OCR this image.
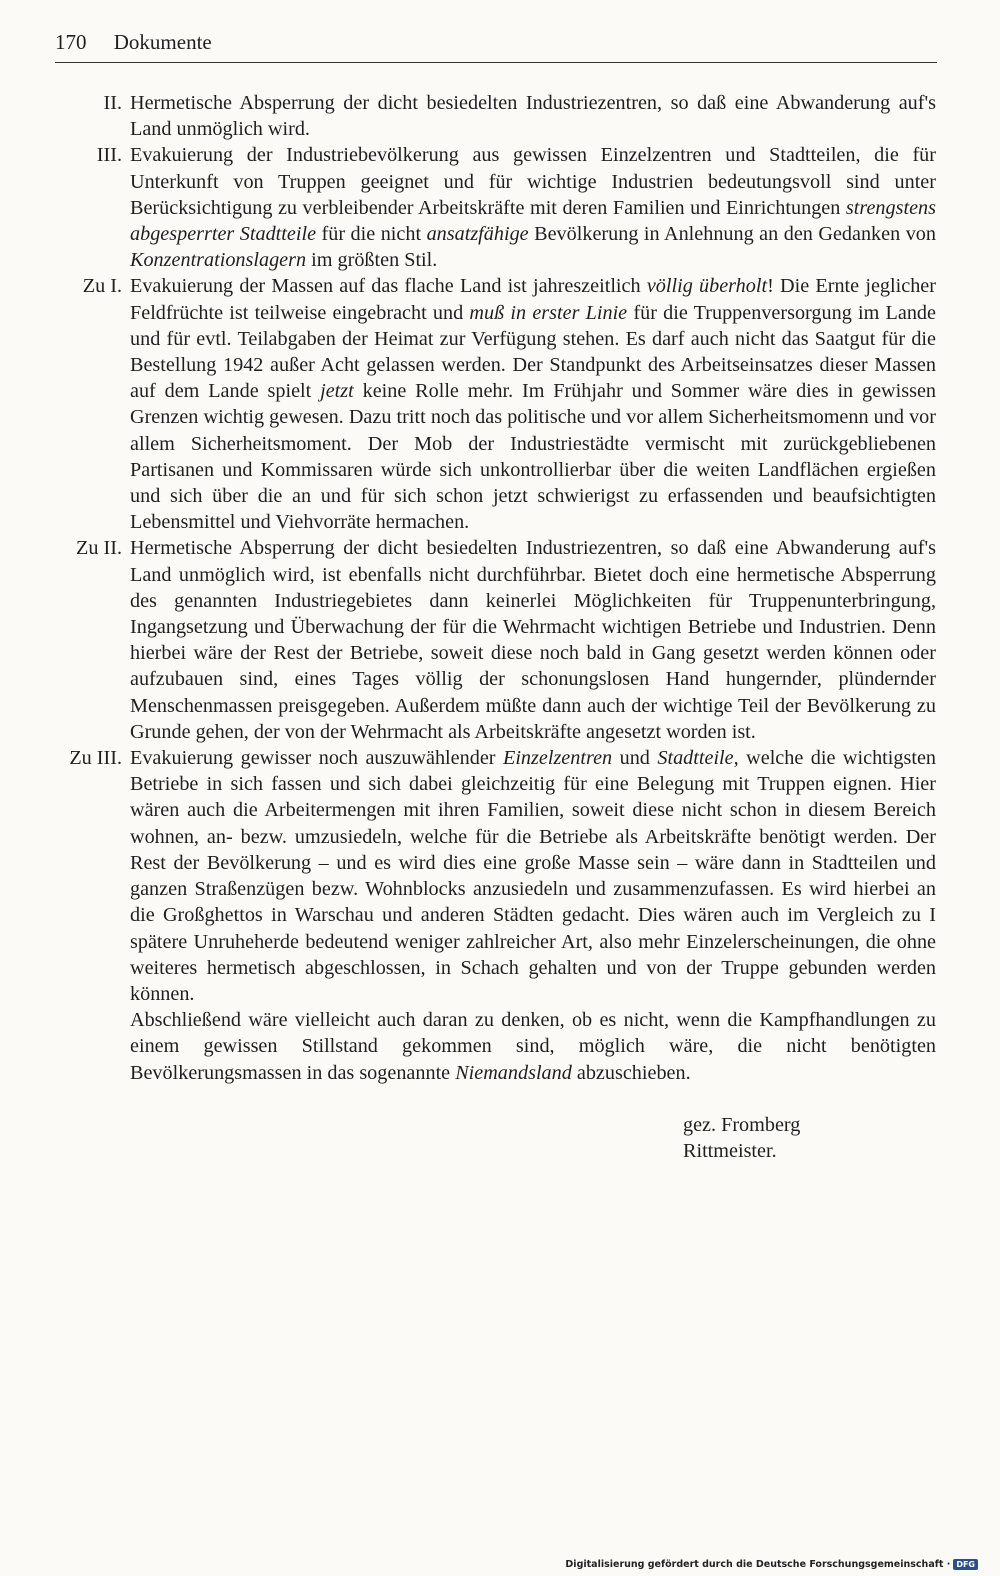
170 Dokumente
II. Hermetische Absperrung der dicht besiedelten Industriezentren, so daß eine Abwanderung auf's Land unmöglich wird.
III. Evakuierung der Industriebevölkerung aus gewissen Einzelzentren und Stadtteilen, die für Unterkunft von Truppen geeignet und für wichtige Industrien bedeutungsvoll sind unter Berücksichtigung zu verbleibender Arbeitskräfte mit deren Familien und Einrichtungen strengstens abgesperrter Stadtteile für die nicht ansatzfähige Bevölkerung in Anlehnung an den Gedanken von Konzentrationslagern im größten Stil.
Zu I. Evakuierung der Massen auf das flache Land ist jahreszeitlich völlig überholt! Die Ernte jeglicher Feldfrüchte ist teilweise eingebracht und muß in erster Linie für die Truppenversorgung im Lande und für evtl. Teilabgaben der Heimat zur Verfügung stehen. Es darf auch nicht das Saatgut für die Bestellung 1942 außer Acht gelassen werden. Der Standpunkt des Arbeitseinsatzes dieser Massen auf dem Lande spielt jetzt keine Rolle mehr. Im Frühjahr und Sommer wäre dies in gewissen Grenzen wichtig gewesen. Dazu tritt noch das politische und vor allem Sicherheitsmomenn und vor allem Sicherheitsmoment. Der Mob der Industriestädte vermischt mit zurückgebliebenen Partisanen und Kommissaren würde sich unkontrollierbar über die weiten Landflächen ergießen und sich über die an und für sich schon jetzt schwierigst zu erfassenden und beaufsichtigten Lebensmittel und Viehvorräte hermachen.
Zu II. Hermetische Absperrung der dicht besiedelten Industriezentren, so daß eine Abwanderung auf's Land unmöglich wird, ist ebenfalls nicht durchführbar. Bietet doch eine hermetische Absperrung des genannten Industriegebietes dann keinerlei Möglichkeiten für Truppenunterbringung, Ingangsetzung und Überwachung der für die Wehrmacht wichtigen Betriebe und Industrien. Denn hierbei wäre der Rest der Betriebe, soweit diese noch bald in Gang gesetzt werden können oder aufzubauen sind, eines Tages völlig der schonungslosen Hand hungernder, plündernder Menschenmassen preisgegeben. Außerdem müßte dann auch der wichtige Teil der Bevölkerung zu Grunde gehen, der von der Wehrmacht als Arbeitskräfte angesetzt worden ist.
Zu III. Evakuierung gewisser noch auszuwählender Einzelzentren und Stadtteile, welche die wichtigsten Betriebe in sich fassen und sich dabei gleichzeitig für eine Belegung mit Truppen eignen. Hier wären auch die Arbeitermengen mit ihren Familien, soweit diese nicht schon in diesem Bereich wohnen, an- bezw. umzusiedeln, welche für die Betriebe als Arbeitskräfte benötigt werden. Der Rest der Bevölkerung – und es wird dies eine große Masse sein – wäre dann in Stadtteilen und ganzen Straßenzügen bezw. Wohnblocks anzusiedeln und zusammenzufassen. Es wird hierbei an die Großghettos in Warschau und anderen Städten gedacht. Dies wären auch im Vergleich zu I spätere Unruheherde bedeutend weniger zahlreicher Art, also mehr Einzelerscheinungen, die ohne weiteres hermetisch abgeschlossen, in Schach gehalten und von der Truppe gebunden werden können.
Abschließend wäre vielleicht auch daran zu denken, ob es nicht, wenn die Kampfhandlungen zu einem gewissen Stillstand gekommen sind, möglich wäre, die nicht benötigten Bevölkerungsmassen in das sogenannte Niemandsland abzuschieben.
gez. Fromberg
Rittmeister.
Digitalisierung gefördert durch die Deutsche Forschungsgemeinschaft · DFG
